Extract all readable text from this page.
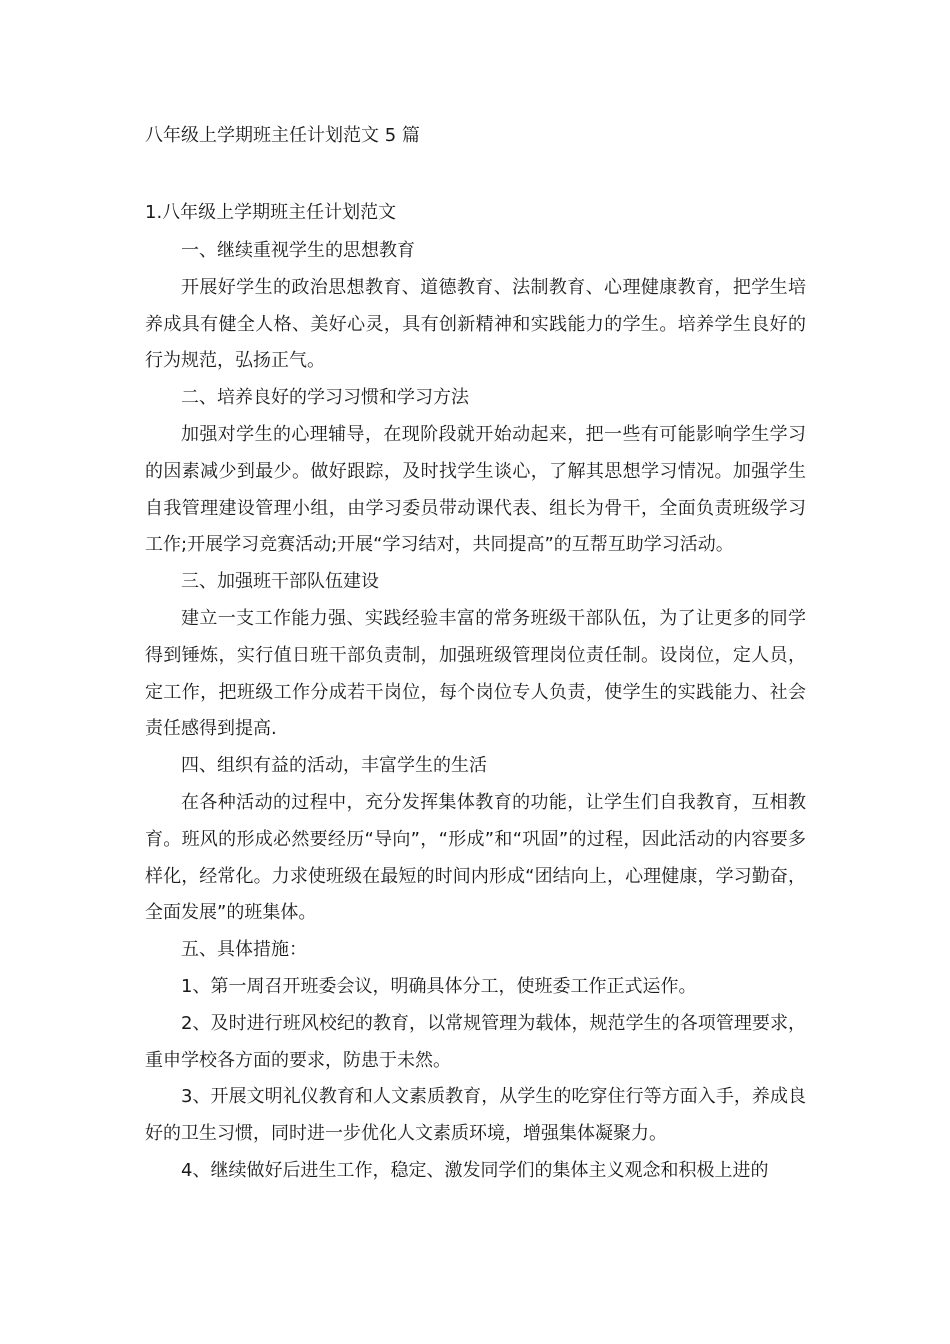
八年级上学期班主任计划范文 5 篇
1.八年级上学期班主任计划范文

一、继续重视学生的思想教育

开展好学生的政治思想教育、道德教育、法制教育、心理健康教育，把学生培养成具有健全人格、美好心灵，具有创新精神和实践能力的学生。培养学生良好的行为规范，弘扬正气。

二、培养良好的学习习惯和学习方法

加强对学生的心理辅导，在现阶段就开始动起来，把一些有可能影响学生学习的因素减少到最少。做好跟踪，及时找学生谈心，了解其思想学习情况。加强学生自我管理建设管理小组，由学习委员带动课代表、组长为骨干，全面负责班级学习工作;开展学习竞赛活动;开展“学习结对，共同提高”的互帮互助学习活动。

三、加强班干部队伍建设

建立一支工作能力强、实践经验丰富的常务班级干部队伍，为了让更多的同学得到锤炼，实行值日班干部负责制，加强班级管理岗位责任制。设岗位，定人员，定工作，把班级工作分成若干岗位，每个岗位专人负责，使学生的实践能力、社会责任感得到提高.

四、组织有益的活动，丰富学生的生活

在各种活动的过程中，充分发挥集体教育的功能，让学生们自我教育，互相教育。班风的形成必然要经历“导向”，“形成”和“巩固”的过程，因此活动的内容要多样化，经常化。力求使班级在最短的时间内形成“团结向上，心理健康，学习勤奋，全面发展”的班集体。

五、具体措施：

1、第一周召开班委会议，明确具体分工，使班委工作正式运作。

2、及时进行班风校纪的教育，以常规管理为载体，规范学生的各项管理要求，重申学校各方面的要求，防患于未然。

3、开展文明礼仪教育和人文素质教育，从学生的吃穿住行等方面入手，养成良好的卫生习惯，同时进一步优化人文素质环境，增强集体凝聚力。

4、继续做好后进生工作，稳定、激发同学们的集体主义观念和积极上进的
